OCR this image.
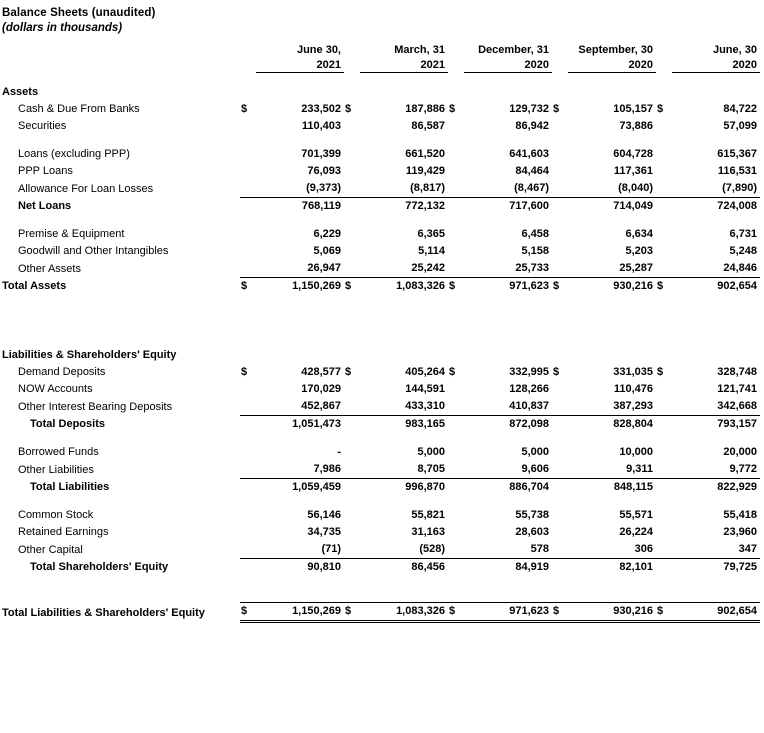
Balance Sheets (unaudited)
(dollars in thousands)
		June 30,		March, 31		December, 31		September, 30		June, 30
		2021		2021		2020		2020		2020

Assets										
Cash & Due From Banks	$	233,502	$	187,886	$	129,732	$	105,157	$	84,722
Securities		110,403		86,587		86,942		73,886		57,099

Loans (excluding PPP)		701,399		661,520		641,603		604,728		615,367
PPP Loans		76,093		119,429		84,464		117,361		116,531
Allowance For Loan Losses		(9,373)		(8,817)		(8,467)		(8,040)		(7,890)
Net Loans		768,119		772,132		717,600		714,049		724,008

Premise & Equipment		6,229		6,365		6,458		6,634		6,731
Goodwill and Other Intangibles		5,069		5,114		5,158		5,203		5,248
Other Assets		26,947		25,242		25,733		25,287		24,846
Total Assets	$	1,150,269	$	1,083,326	$	971,623	$	930,216	$	902,654

Liabilities & Shareholders' Equity										
Demand Deposits	$	428,577	$	405,264	$	332,995	$	331,035	$	328,748
NOW Accounts		170,029		144,591		128,266		110,476		121,741
Other Interest Bearing Deposits		452,867		433,310		410,837		387,293		342,668
Total Deposits		1,051,473		983,165		872,098		828,804		793,157

Borrowed Funds		-		5,000		5,000		10,000		20,000
Other Liabilities		7,986		8,705		9,606		9,311		9,772
Total Liabilities		1,059,459		996,870		886,704		848,115		822,929

Common Stock		56,146		55,821		55,738		55,571		55,418
Retained Earnings		34,735		31,163		28,603		26,224		23,960
Other Capital		(71)		(528)		578		306		347
Total Shareholders' Equity		90,810		86,456		84,919		82,101		79,725

Total Liabilities & Shareholders' Equity	$	1,150,269	$	1,083,326	$	971,623	$	930,216	$	902,654
